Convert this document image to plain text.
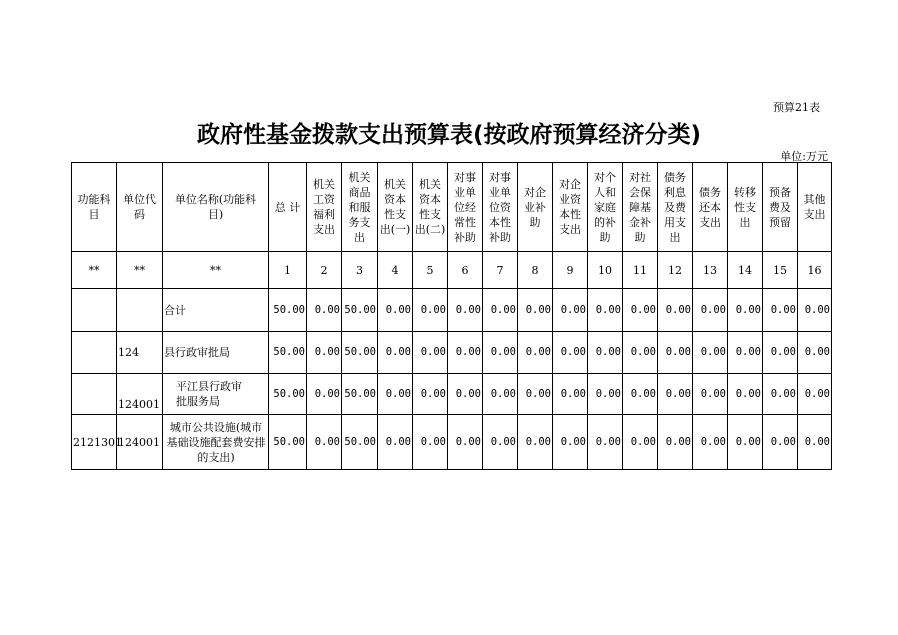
预算21表
政府性基金拨款支出预算表(按政府预算经济分类)
单位:万元
功能科目	单位代码	单位名称(功能科目)	总 计	机关工资福利支出	机关商品和服务支出	机关资本性支出(一)	机关资本性支出(二)	对事业单位经常性补助	对事业单位资本性补助	对企业补助	对企业资本性支出	对个人和家庭的补助	对社会保障基金补助	债务利息及费用支出	债务还本支出	转移性支出	预备费及预留	其他支出

**	**	**	1	2	3	4	5	6	7	8	9	10	11	12	13	14	15	16
		合计	50.00	0.00	50.00	0.00	0.00	0.00	0.00	0.00	0.00	0.00	0.00	0.00	0.00	0.00	0.00	0.00
	124	县行政审批局	50.00	0.00	50.00	0.00	0.00	0.00	0.00	0.00	0.00	0.00	0.00	0.00	0.00	0.00	0.00	0.00
	124001	平江县行政审批服务局	50.00	0.00	50.00	0.00	0.00	0.00	0.00	0.00	0.00	0.00	0.00	0.00	0.00	0.00	0.00	0.00
2121301	124001	城市公共设施(城市基础设施配套费安排的支出)	50.00	0.00	50.00	0.00	0.00	0.00	0.00	0.00	0.00	0.00	0.00	0.00	0.00	0.00	0.00	0.00
